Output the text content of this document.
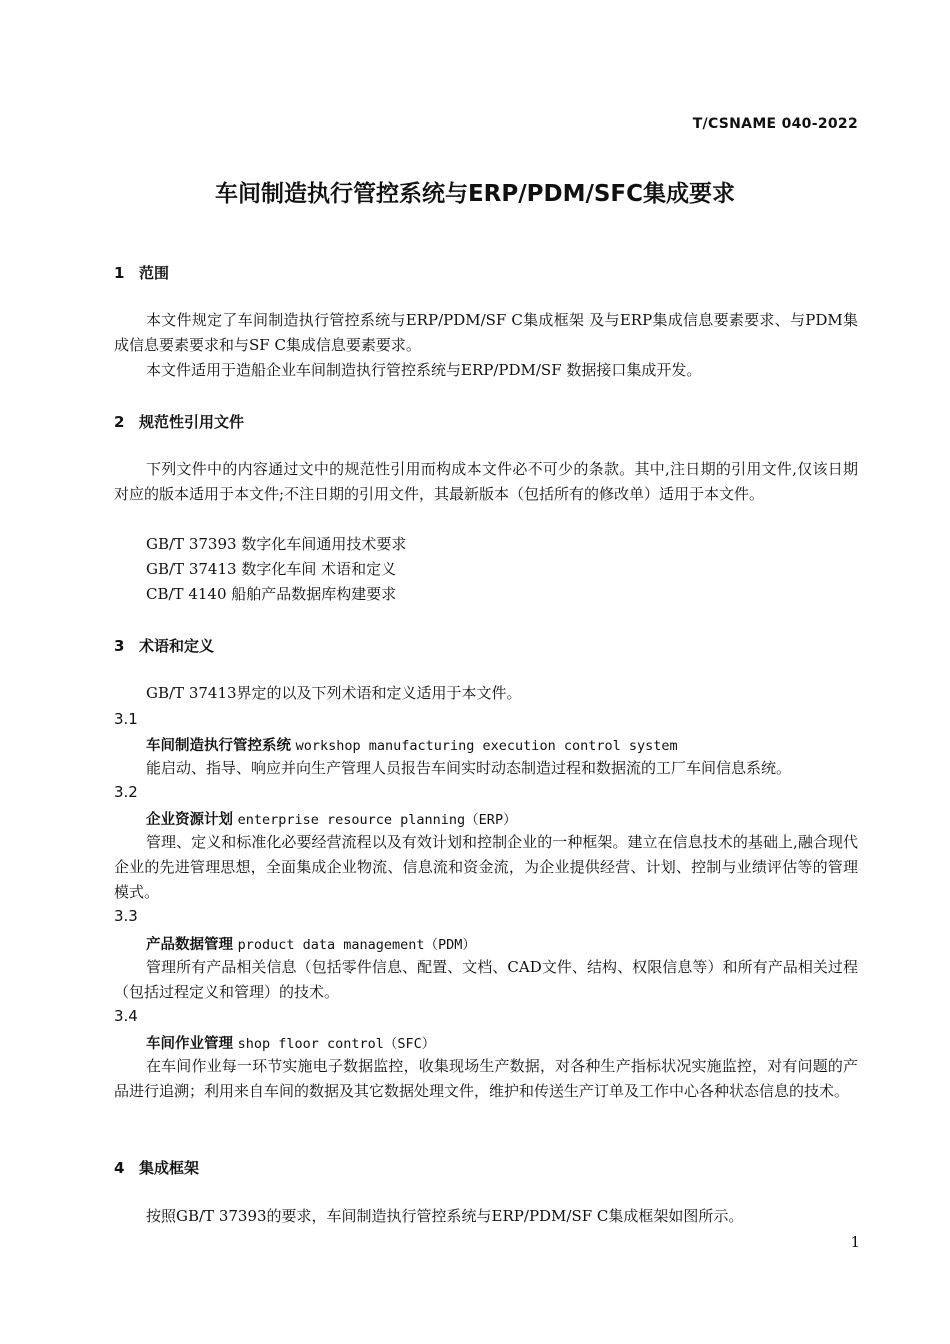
T/CSNAME 040-2022
车间制造执行管控系统与ERP/PDM/SFC集成要求
1 范围
本文件规定了车间制造执行管控系统与ERP/PDM/SF C集成框架 及与ERP集成信息要素要求、与PDM集成信息要素要求和与SF C集成信息要素要求。
本文件适用于造船企业车间制造执行管控系统与ERP/PDM/SF 数据接口集成开发。
2 规范性引用文件
下列文件中的内容通过文中的规范性引用而构成本文件必不可少的条款。其中,注日期的引用文件,仅该日期对应的版本适用于本文件;不注日期的引用文件，其最新版本（包括所有的修改单）适用于本文件。
GB/T 37393 数字化车间通用技术要求
GB/T 37413 数字化车间 术语和定义
CB/T 4140 船舶产品数据库构建要求
3 术语和定义
GB/T 37413界定的以及下列术语和定义适用于本文件。
3.1
车间制造执行管控系统 workshop manufacturing execution control system
能启动、指导、响应并向生产管理人员报告车间实时动态制造过程和数据流的工厂车间信息系统。
3.2
企业资源计划 enterprise resource planning（ERP）
管理、定义和标准化必要经营流程以及有效计划和控制企业的一种框架。建立在信息技术的基础上,融合现代企业的先进管理思想，全面集成企业物流、信息流和资金流，为企业提供经营、计划、控制与业绩评估等的管理模式。
3.3
产品数据管理 product data management（PDM）
管理所有产品相关信息（包括零件信息、配置、文档、CAD文件、结构、权限信息等）和所有产品相关过程（包括过程定义和管理）的技术。
3.4
车间作业管理 shop floor control（SFC）
在车间作业每一环节实施电子数据监控，收集现场生产数据，对各种生产指标状况实施监控，对有问题的产品进行追溯；利用来自车间的数据及其它数据处理文件，维护和传送生产订单及工作中心各种状态信息的技术。
4 集成框架
按照GB/T 37393的要求，车间制造执行管控系统与ERP/PDM/SF C集成框架如图所示。
1
